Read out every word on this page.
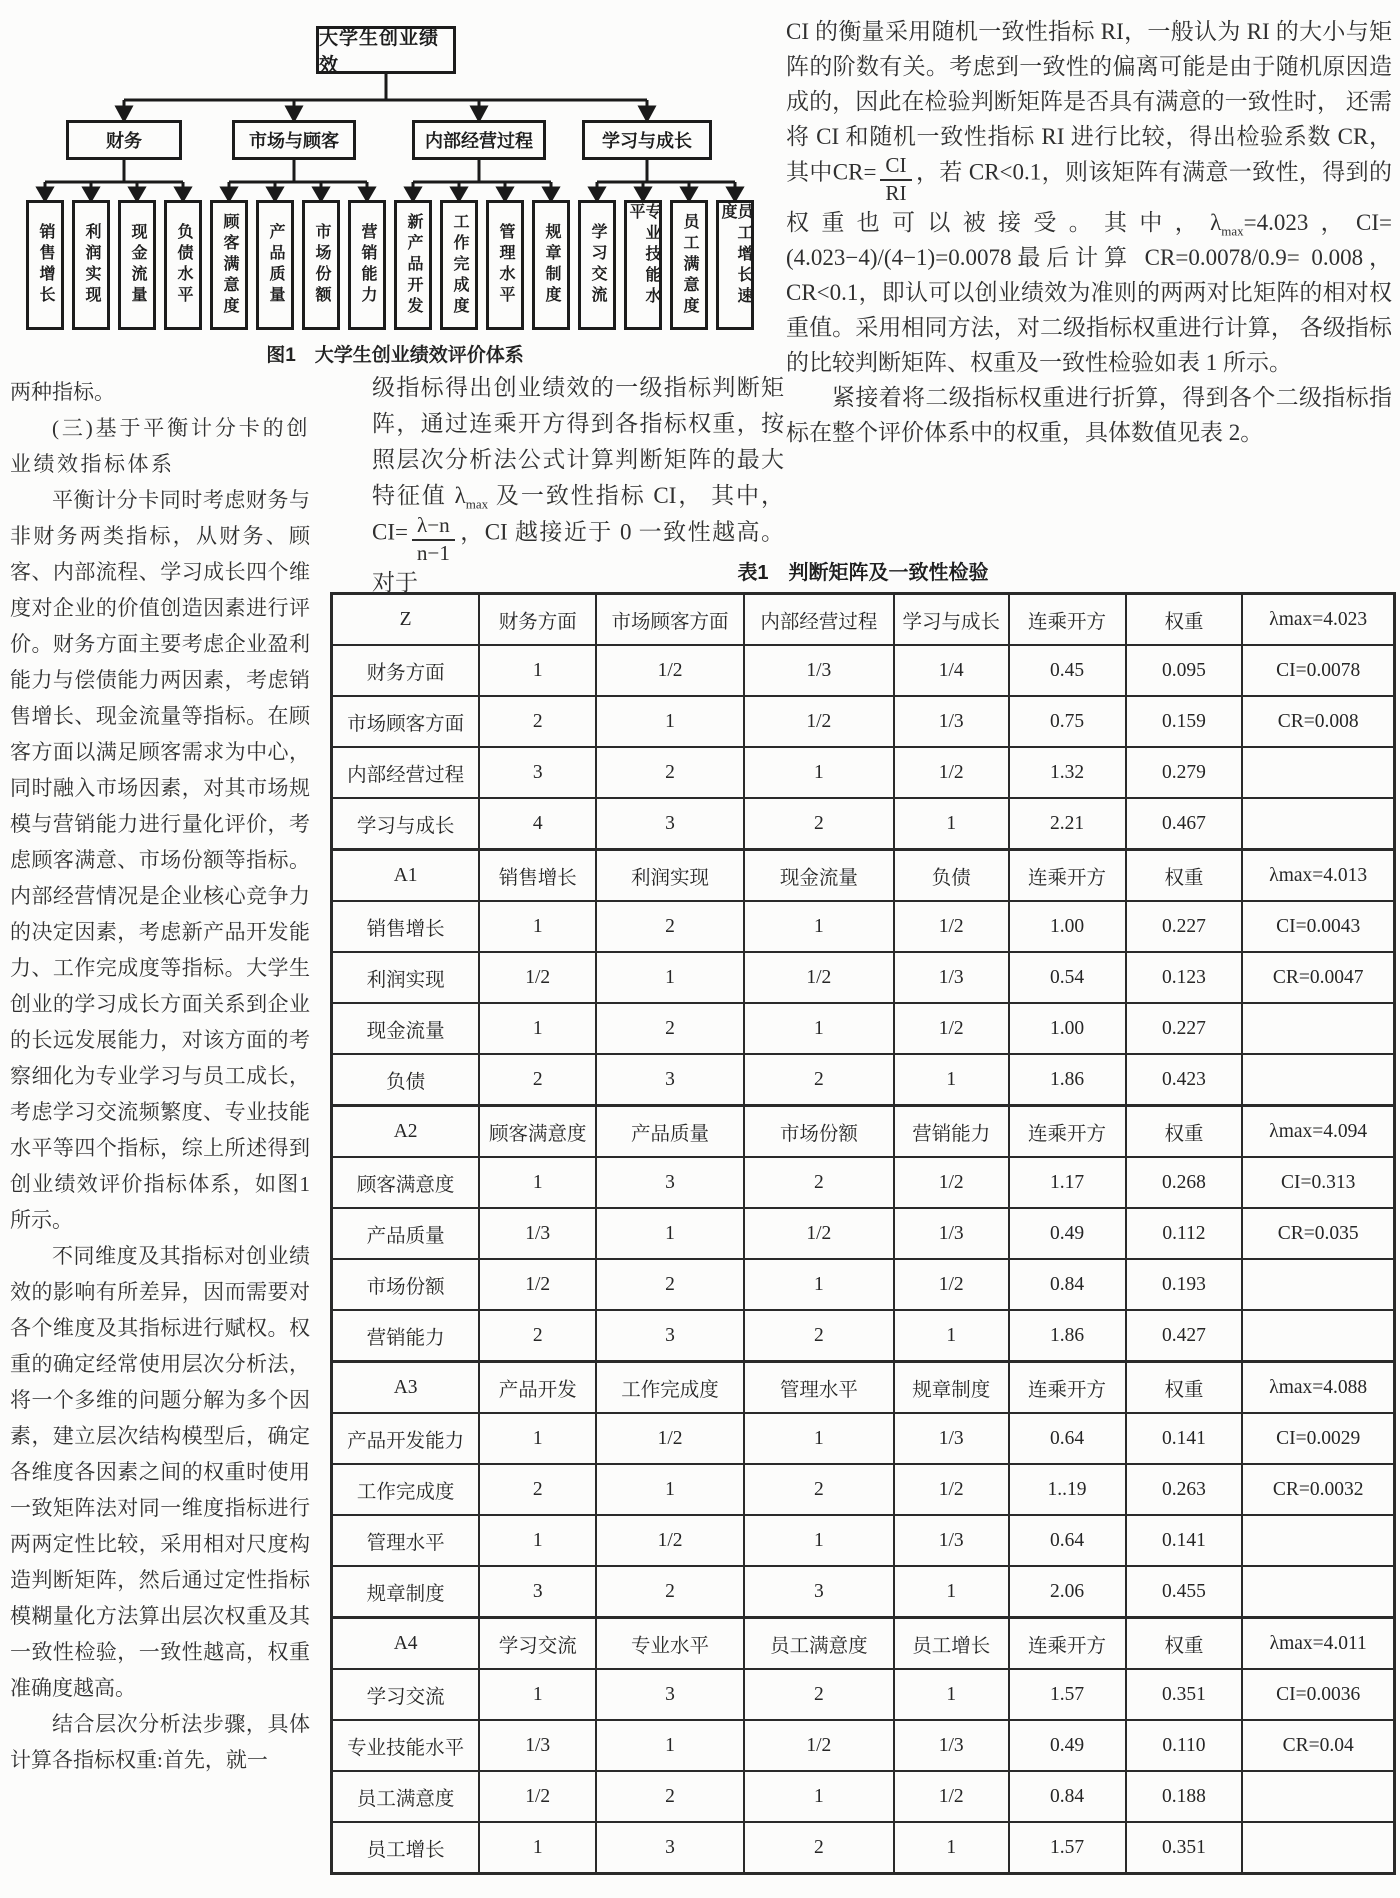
大学生创业绩效
财务	市场与顾客	内部经营过程	学习与成长
销售增长 利润实现 现金流量 负债水平 顾客满意度 产品质量 市场份额 营销能力 新产品开发 工作完成度 管理水平 规章制度 学习交流	专业技能水平	员工满意度	员工增长速度
图1　大学生创业绩效评价体系

CI 的衡量采用随机一致性指标 RI，一般认为 RI 的大小与矩阵的阶数有关。考虑到一致性的偏离可能是由于随机原因造成的，因此在检验判断矩阵是否具有满意的一致性时， 还需将 CI 和随机一致性指标 RI 进行比较，得出检验系数 CR，其中$CR= \frac{CI}{RI}$ ，若 CR<0.1，则该矩阵有满意一致性，得到的权重也可以被接受。其中，$\lambda_{max}=4.023$，CI=(4.023−4)/(4−1)=0.0078最后计算 CR=0.0078/0.9= 0.008，CR<0.1，即认可以创业绩效为准则的两两对比矩阵的相对权重值。采用相同方法，对二级指标权重进行计算， 各级指标的比较判断矩阵、权重及一致性检验如表 1 所示。

紧接着将二级指标权重进行折算，得到各个二级指标指标在整个评价体系中的权重，具体数值见表 2。

两种指标。

(三)基于平衡计分卡的创业绩效指标体系

平衡计分卡同时考虑财务与非财务两类指标，从财务、顾客、内部流程、学习成长四个维度对企业的价值创造因素进行评价。财务方面主要考虑企业盈利能力与偿债能力两因素，考虑销售增长、现金流量等指标。在顾客方面以满足顾客需求为中心，同时融入市场因素，对其市场规模与营销能力进行量化评价，考虑顾客满意、市场份额等指标。内部经营情况是企业核心竞争力的决定因素，考虑新产品开发能力、工作完成度等指标。大学生创业的学习成长方面关系到企业的长远发展能力，对该方面的考察细化为专业学习与员工成长，考虑学习交流频繁度、专业技能水平等四个指标，综上所述得到创业绩效评价指标体系，如图1所示。

不同维度及其指标对创业绩效的影响有所差异，因而需要对各个维度及其指标进行赋权。权重的确定经常使用层次分析法，将一个多维的问题分解为多个因素，建立层次结构模型后，确定各维度各因素之间的权重时使用一致矩阵法对同一维度指标进行两两定性比较，采用相对尺度构造判断矩阵，然后通过定性指标模糊量化方法算出层次权重及其一致性检验，一致性越高，权重准确度越高。

结合层次分析法步骤，具体计算各指标权重:首先，就一

级指标得出创业绩效的一级指标判断矩阵，通过连乘开方得到各指标权重，按照层次分析法公式计算判断矩阵的最大特征值 $\lambda_{max}$ 及一致性指标 CI， 其中，$CI= \frac{\lambda-n}{n-1}$ ，CI 越接近于 0 一致性越高。对于	表1　判断矩阵及一致性检验
Z	财务方面	市场顾客方面	内部经营过程	学习与成长	连乘开方	权重	λmax=4.023
财务方面	1	1/2	1/3	1/4	0.45	0.095	CI=0.0078
市场顾客方面	2	1	1/2	1/3	0.75	0.159	CR=0.008
内部经营过程	3	2	1	1/2	1.32	0.279	
学习与成长	4	3	2	1	2.21	0.467	
A1	销售增长	利润实现	现金流量	负债	连乘开方	权重	λmax=4.013
销售增长	1	2	1	1/2	1.00	0.227	CI=0.0043
利润实现	1/2	1	1/2	1/3	0.54	0.123	CR=0.0047
现金流量	1	2	1	1/2	1.00	0.227	
负债	2	3	2	1	1.86	0.423	
A2	顾客满意度	产品质量	市场份额	营销能力	连乘开方	权重	λmax=4.094
顾客满意度	1	3	2	1/2	1.17	0.268	CI=0.313
产品质量	1/3	1	1/2	1/3	0.49	0.112	CR=0.035
市场份额	1/2	2	1	1/2	0.84	0.193	
营销能力	2	3	2	1	1.86	0.427	
A3	产品开发	工作完成度	管理水平	规章制度	连乘开方	权重	λmax=4.088
产品开发能力	1	1/2	1	1/3	0.64	0.141	CI=0.0029
工作完成度	2	1	2	1/2	1..19	0.263	CR=0.0032
管理水平	1	1/2	1	1/3	0.64	0.141	
规章制度	3	2	3	1	2.06	0.455	
A4	学习交流	专业水平	员工满意度	员工增长	连乘开方	权重	λmax=4.011
学习交流	1	3	2	1	1.57	0.351	CI=0.0036
专业技能水平	1/3	1	1/2	1/3	0.49	0.110	CR=0.04
员工满意度	1/2	2	1	1/2	0.84	0.188	
员工增长	1	3	2	1	1.57	0.351	
